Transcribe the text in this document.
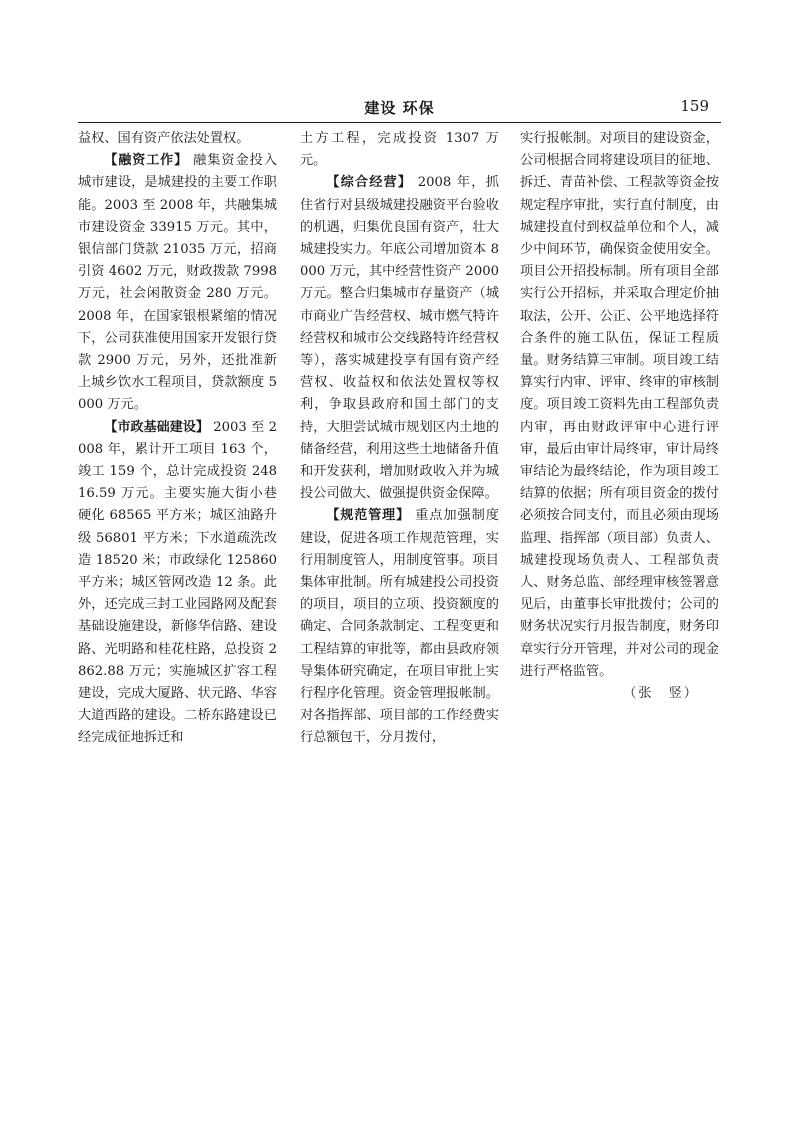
建设 环保	159

益权、国有资产依法处置权。

【融资工作】 融集资金投入城市建设，是城建投的主要工作职能。2003 至 2008 年，共融集城市建设资金 33915 万元。其中，银信部门贷款 21035 万元，招商引资 4602 万元，财政拨款 7998 万元，社会闲散资金 280 万元。2008 年，在国家银根紧缩的情况下，公司获准使用国家开发银行贷款 2900 万元，另外，还批准新上城乡饮水工程项目，贷款额度 5000 万元。

【市政基础建设】 2003 至 2008 年，累计开工项目 163 个，竣工 159 个，总计完成投资 24816.59 万元。主要实施大街小巷硬化 68565 平方米；城区油路升级 56801 平方米；下水道疏洗改造 18520 米；市政绿化 125860 平方米；城区管网改造 12 条。此外，还完成三封工业园路网及配套基础设施建设，新修华信路、建设路、光明路和桂花柱路，总投资 2862.88 万元；实施城区扩容工程建设，完成大厦路、状元路、华容大道西路的建设。二桥东路建设已经完成征地拆迁和

土方工程，完成投资 1307 万元。

【综合经营】 2008 年，抓住省行对县级城建投融资平台验收的机遇，归集优良国有资产，壮大城建投实力。年底公司增加资本 8000 万元，其中经营性资产 2000 万元。整合归集城市存量资产（城市商业广告经营权、城市燃气特许经营权和城市公交线路特许经营权等），落实城建投享有国有资产经营权、收益权和依法处置权等权利，争取县政府和国土部门的支持，大胆尝试城市规划区内土地的储备经营，利用这些土地储备升值和开发获利，增加财政收入并为城投公司做大、做强提供资金保障。

【规范管理】 重点加强制度建设，促进各项工作规范管理，实行用制度管人，用制度管事。项目集体审批制。所有城建投公司投资的项目，项目的立项、投资额度的确定、合同条款制定、工程变更和工程结算的审批等，都由县政府领导集体研究确定，在项目审批上实行程序化管理。资金管理报帐制。对各指挥部、项目部的工作经费实行总额包干，分月拨付，

实行报帐制。对项目的建设资金，公司根据合同将建设项目的征地、拆迁、青苗补偿、工程款等资金按规定程序审批，实行直付制度，由城建投直付到权益单位和个人，减少中间环节，确保资金使用安全。项目公开招投标制。所有项目全部实行公开招标，并采取合理定价抽取法，公开、公正、公平地选择符合条件的施工队伍，保证工程质量。财务结算三审制。项目竣工结算实行内审、评审、终审的审核制度。项目竣工资料先由工程部负责内审，再由财政评审中心进行评审，最后由审计局终审，审计局终审结论为最终结论，作为项目竣工结算的依据；所有项目资金的拨付必须按合同支付，而且必须由现场监理、指挥部（项目部）负责人、城建投现场负责人、工程部负责人、财务总监、部经理审核签署意见后，由董事长审批拨付；公司的财务状况实行月报告制度，财务印章实行分开管理，并对公司的现金进行严格监管。

（张　竖）
